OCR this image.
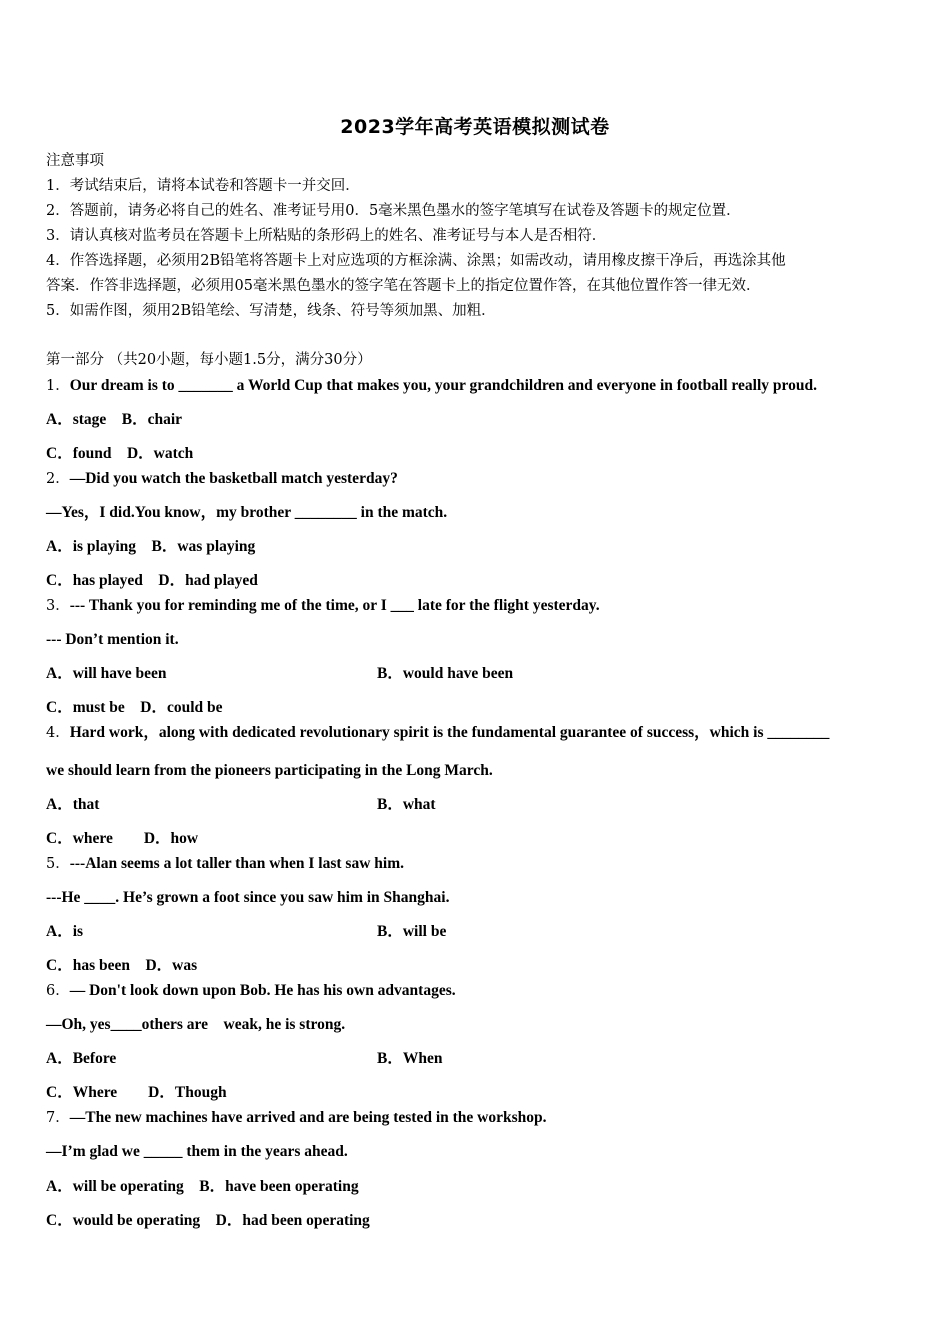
2023学年高考英语模拟测试卷
注意事项
1．考试结束后，请将本试卷和答题卡一并交回．
2．答题前，请务必将自己的姓名、准考证号用0．5毫米黑色墨水的签字笔填写在试卷及答题卡的规定位置．
3．请认真核对监考员在答题卡上所粘贴的条形码上的姓名、准考证号与本人是否相符．
4．作答选择题，必须用2B铅笔将答题卡上对应选项的方框涂满、涂黑；如需改动，请用橡皮擦干净后，再选涂其他
答案．作答非选择题，必须用05毫米黑色墨水的签字笔在答题卡上的指定位置作答，在其他位置作答一律无效．
5．如需作图，须用2B铅笔绘、写清楚，线条、符号等须加黑、加粗．
第一部分 （共20小题，每小题1.5分，满分30分）
1．Our dream is to _______ a World Cup that makes you, your grandchildren and everyone in football really proud.
A．stage　B．chair
C．found　D．watch
2．—Did you watch the basketball match yesterday?
—Yes，I did.You know，my brother ________ in the match.
A．is playing　B．was playing
C．has played　D．had played
3．--- Thank you for reminding me of the time, or I ___ late for the flight yesterday.
--- Don’t mention it.
A．will have been	B．would have been
C．must be　D．could be
4．Hard work，along with dedicated revolutionary spirit is the fundamental guarantee of success，which is ________
we should learn from the pioneers participating in the Long March.
A．that	B．what
C．where　　D．how
5．---Alan seems a lot taller than when I last saw him.
---He ____. He’s grown a foot since you saw him in Shanghai.
A．is	B．will be
C．has been　D．was
6．— Don't look down upon Bob. He has his own advantages.
—Oh, yes____others are　weak, he is strong.
A．Before	B．When
C．Where　　D．Though
7．—The new machines have arrived and are being tested in the workshop.
—I’m glad we _____ them in the years ahead.
A．will be operating　B．have been operating
C．would be operating　D．had been operating
